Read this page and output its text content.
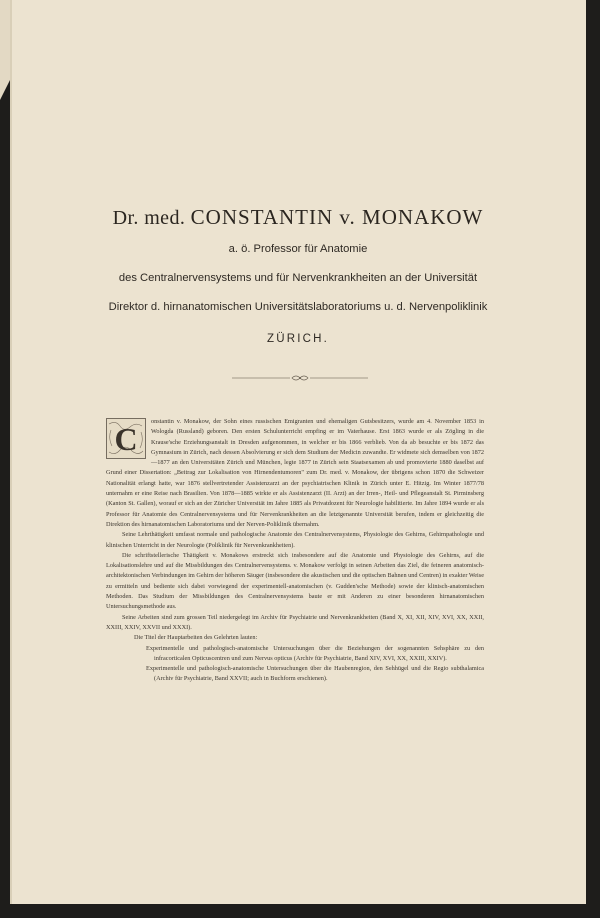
Dr. med. CONSTANTIN v. MONAKOW
a. ö. Professor für Anatomie
des Centralnervensystems und für Nervenkrankheiten an der Universität
Direktor d. hirnanatomischen Universitätslaboratoriums u. d. Nervenpoliklinik
ZÜRICH.
C	onstantin v. Monakow, der Sohn eines russischen Emigranten und ehemaligen Gutsbesitzers, wurde am 4. November 1853 in Wologda (Russland) geboren. Den ersten Schulunterricht empfing er im Vaterhause. Erst 1863 wurde er als Zögling in die Krause'sche Erziehungsanstalt in Dresden aufgenommen, in welcher er bis 1866 verblieb. Von da ab besuchte er bis 1872 das Gymnasium in Zürich, nach dessen Absolvierung er sich dem Studium der Medicin zuwandte. Er widmete sich demselben von 1872—1877 an den Universitäten Zürich und München, legte 1877 in Zürich sein Staatsexamen ab und promovierte 1880 daselbst auf Grund einer Dissertation: „Beitrag zur Lokalisation von Hirnendentumoren" zum Dr. med. v. Monakow, der übrigens schon 1870 die Schweizer Nationalität erlangt hatte, war 1876 stellvertretender Assistenzarzt an der psychiatrischen Klinik in Zürich unter E. Hitzig. Im Winter 1877/78 unternahm er eine Reise nach Brasilien. Von 1878—1885 wirkte er als Assistenzarzt (II. Arzt) an der Irren-, Heil- und Pflegeanstalt St. Pirminsberg (Kanton St. Gallen), worauf er sich an der Züricher Universität im Jahre 1885 als Privatdozent für Neurologie habilitierte. Im Jahre 1894 wurde er als Professor für Anatomie des Centralnervensystems und für Nervenkrankheiten an die letztgenannte Universität berufen, indem er gleichzeitig die Direktion des hirnanatomischen Laboratoriums und der Nerven-Poliklinik übernahm.

Seine Lehrthätigkeit umfasst normale und pathologische Anatomie des Centralnervensystems, Physiologie des Gehirns, Gehirnpathologie und klinischen Unterricht in der Neurologie (Poliklinik für Nervenkrankheiten).

Die schriftstellerische Thätigkeit v. Monakows erstreckt sich insbesondere auf die Anatomie und Physiologie des Gehirns, auf die Lokalisationslehre und auf die Missbildungen des Centralnervensystems. v. Monakow verfolgt in seinen Arbeiten das Ziel, die feineren anatomisch-architektonischen Verbindungen im Gehirn der höheren Säuger (insbesondere die akustischen und die optischen Bahnen und Centren) in exakter Weise zu ermitteln und bediente sich dabei vorwiegend der experimentell-anatomischen (v. Gudden'sche Methode) sowie der klinisch-anatomischen Methoden. Das Studium der Missbildungen des Centralnervensystems baute er mit Anderen zu einer besonderen hirnanatomischen Untersuchungsmethode aus.

Seine Arbeiten sind zum grossen Teil niedergelegt im Archiv für Psychiatrie und Nervenkrankheiten (Band X, XI, XII, XIV, XVI, XX, XXII, XXIII, XXIV, XXVII und XXXI).

Die Titel der Hauptarbeiten des Gelehrten lauten:

Experimentelle und pathologisch-anatomische Untersuchungen über die Beziehungen der sogenannten Sehsphäre zu den infracorticalen Opticuscentren und zum Nervus opticus (Archiv für Psychiatrie, Band XIV, XVI, XX, XXIII, XXIV).

Experimentelle und pathologisch-anatomische Untersuchungen über die Haubenregion, den Sehhügel und die Regio subthalamica (Archiv für Psychiatrie, Band XXVII; auch in Buchform erschienen).
